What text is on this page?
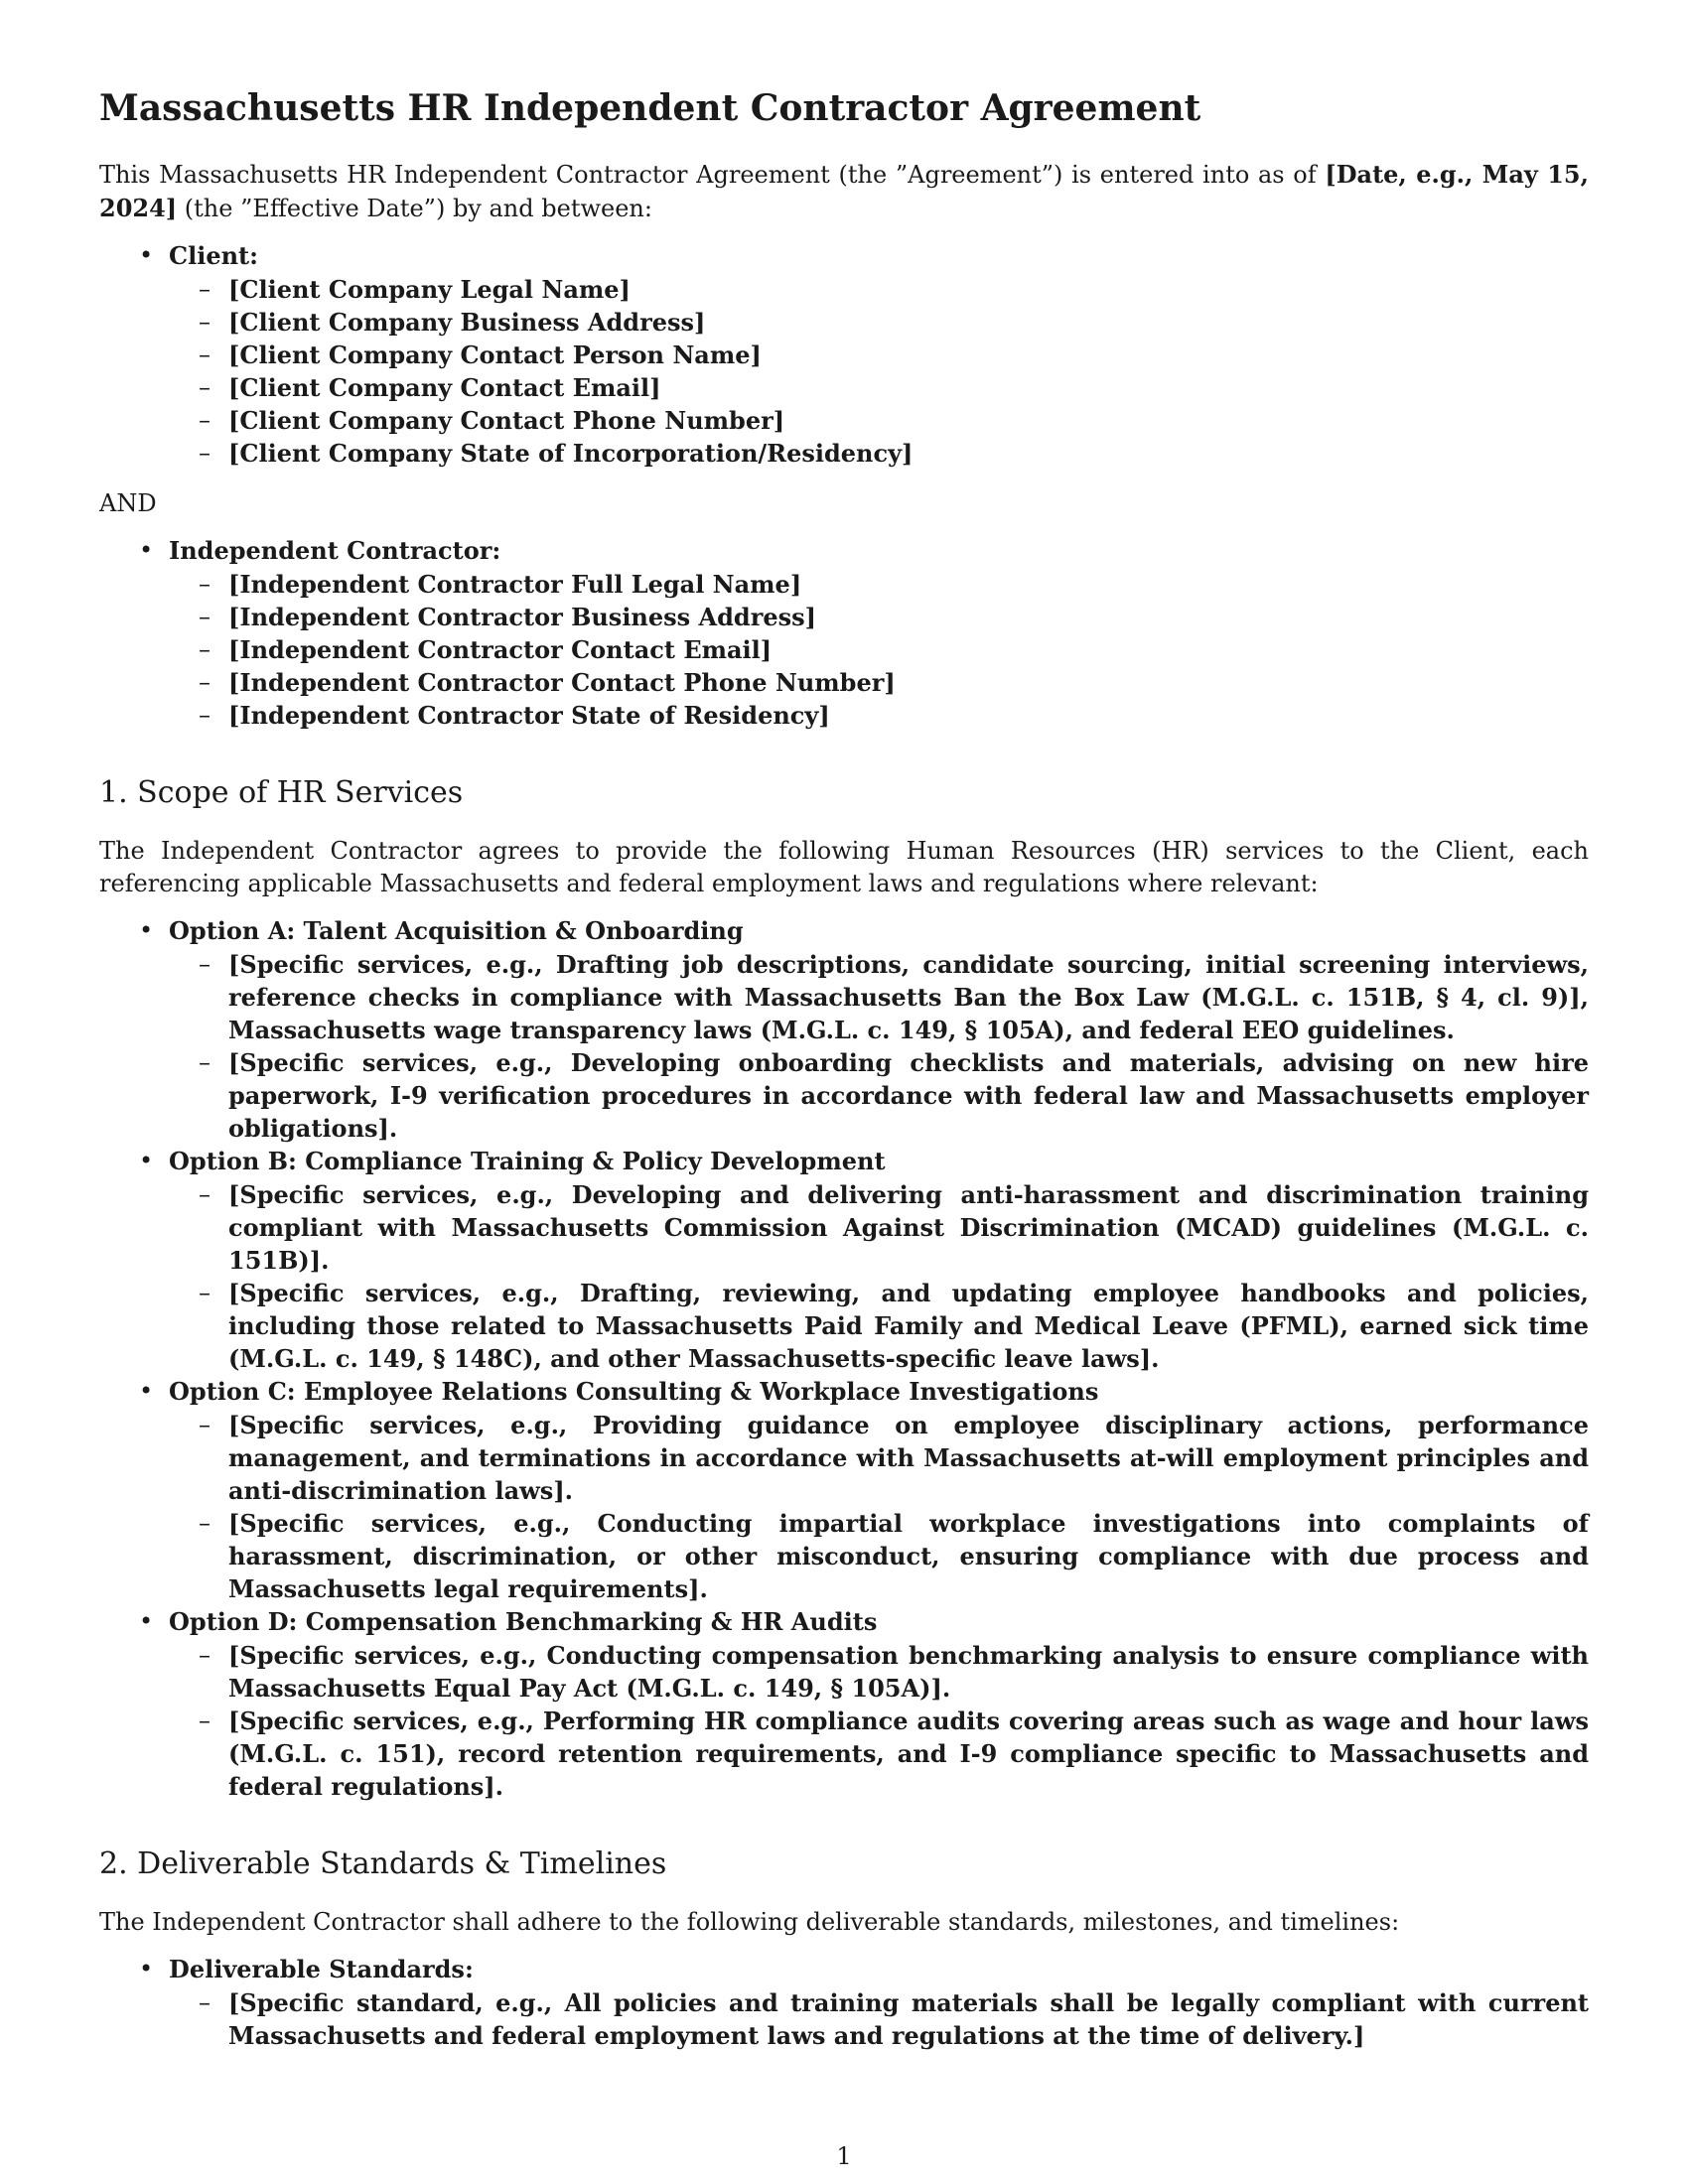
Massachusetts HR Independent Contractor Agreement

This Massachusetts HR Independent Contractor Agreement (the ”Agreement”) is entered into as of [Date, e.g., May 15, 2024] (the ”Effective Date”) by and between:

• Client:
– [Client Company Legal Name]
– [Client Company Business Address]
– [Client Company Contact Person Name]
– [Client Company Contact Email]
– [Client Company Contact Phone Number]
– [Client Company State of Incorporation/Residency]
AND
• Independent Contractor:
– [Independent Contractor Full Legal Name]
– [Independent Contractor Business Address]
– [Independent Contractor Contact Email]
– [Independent Contractor Contact Phone Number]
– [Independent Contractor State of Residency]
1. Scope of HR Services

The Independent Contractor agrees to provide the following Human Resources (HR) services to the Client, each referencing applicable Massachusetts and federal employment laws and regulations where relevant:

• Option A: Talent Acquisition & Onboarding
– [Specific services, e.g., Drafting job descriptions, candidate sourcing, initial screening interviews, reference checks in compliance with Massachusetts Ban the Box Law (M.G.L. c. 151B, § 4, cl. 9)], Massachusetts wage transparency laws (M.G.L. c. 149, § 105A), and federal EEO guidelines.
– [Specific services, e.g., Developing onboarding checklists and materials, advising on new hire paperwork, I-9 verification procedures in accordance with federal law and Massachusetts employer obligations].
• Option B: Compliance Training & Policy Development
– [Specific services, e.g., Developing and delivering anti-harassment and discrimination training compliant with Massachusetts Commission Against Discrimination (MCAD) guidelines (M.G.L. c. 151B)].
– [Specific services, e.g., Drafting, reviewing, and updating employee handbooks and policies, including those related to Massachusetts Paid Family and Medical Leave (PFML), earned sick time (M.G.L. c. 149, § 148C), and other Massachusetts-specific leave laws].
• Option C: Employee Relations Consulting & Workplace Investigations
– [Specific services, e.g., Providing guidance on employee disciplinary actions, performance management, and terminations in accordance with Massachusetts at-will employment principles and anti-discrimination laws].
– [Specific services, e.g., Conducting impartial workplace investigations into complaints of harassment, discrimination, or other misconduct, ensuring compliance with due process and Massachusetts legal requirements].
• Option D: Compensation Benchmarking & HR Audits
– [Specific services, e.g., Conducting compensation benchmarking analysis to ensure compliance with Massachusetts Equal Pay Act (M.G.L. c. 149, § 105A)].
– [Specific services, e.g., Performing HR compliance audits covering areas such as wage and hour laws (M.G.L. c. 151), record retention requirements, and I-9 compliance specific to Massachusetts and federal regulations].
2. Deliverable Standards & Timelines

The Independent Contractor shall adhere to the following deliverable standards, milestones, and timelines:

• Deliverable Standards:
– [Specific standard, e.g., All policies and training materials shall be legally compliant with current Massachusetts and federal employment laws and regulations at the time of delivery.]
1
